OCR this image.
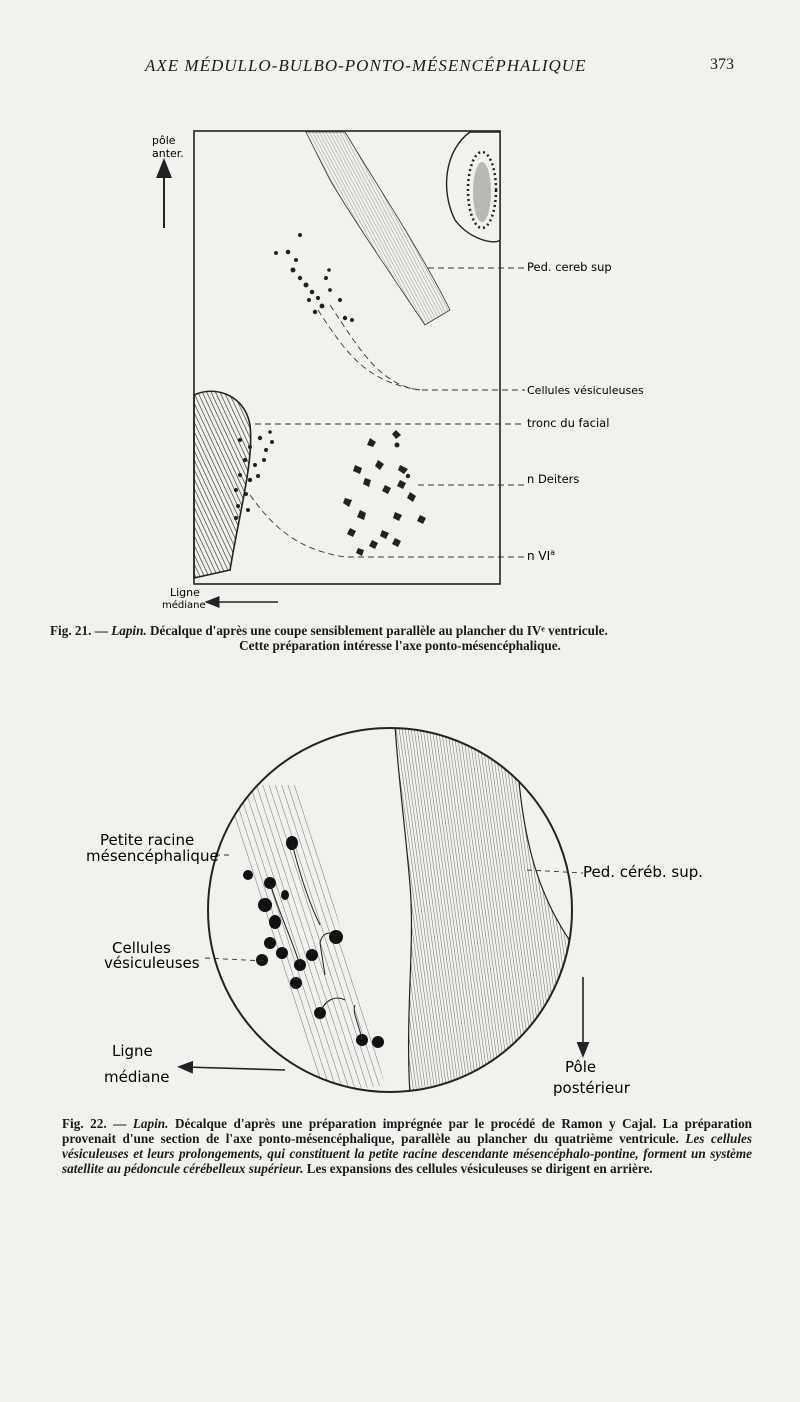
AXE MÉDULLO-BULBO-PONTO-MÉSENCÉPHALIQUE	373
pôle
anter.
Ped. cereb sup
Cellules vésiculeuses
tronc du facial
n Deiters
n $VI^a$
Ligne
médiane
Fig. 21. — Lapin. Décalque d'après une coupe sensiblement parallèle au plancher du IVᵉ ventricule.
Cette préparation intéresse l'axe ponto-mésencéphalique.
Petite racine
mésencéphalique
Ped. céréb. sup.
Cellules
vésiculeuses
Ligne
médiane
Pôle
postérieur
Fig. 22. — Lapin. Décalque d'après une préparation imprégnée par le procédé de Ramon y Cajal. La préparation provenait d'une section de l'axe ponto-mésencéphalique, parallèle au plancher du quatrième ventricule. Les cellules vésiculeuses et leurs prolongements, qui constituent la petite racine descendante mésencéphalo-pontine, forment un système satellite au pédoncule cérébelleux supérieur. Les expansions des cellules vésiculeuses se dirigent en arrière.
